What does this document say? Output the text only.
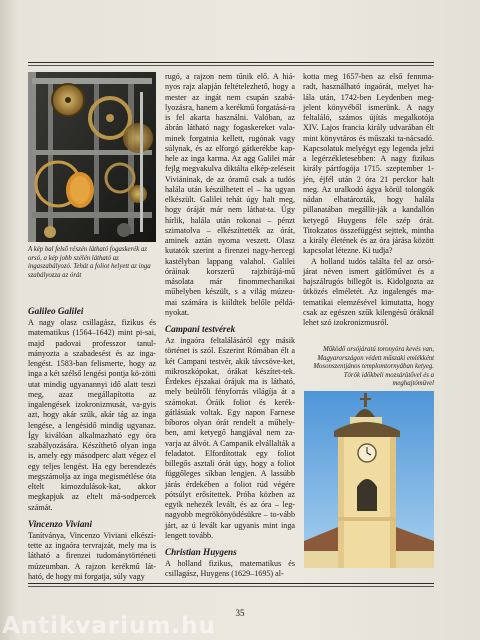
A kép bal felső részén látható fogaskerék az orsó, a kép jobb szélén látható az ingaszabályozó. Tehát a foliot helyett az inga szabályozza az órát
Galileo Galilei

A nagy olasz csillagász, fizikus és matematikus (1564–1642) mint pi-sai, majd padovai professzor tanul-mányozta a szabadesést és az inga-lengést. 1583-ban felismerte, hogy az inga a két szélső lengési pontja kö-zötti utat mindig ugyanannyi idő alatt teszi meg, azaz megállapította az ingalengések izokronizmusát, va-gyis azt, hogy akár szűk, akár tág az inga lengése, a lengésidő mindig ugyanaz. Így kiválóan alkalmazható egy óra szabályozására. Készíthető olyan inga is, amely egy másodperc alatt végez el egy teljes lengést. Ha egy berendezés megszámolja az inga megismétlése óta eltelt kimozdulások-kat, akkor megkapjuk az eltelt má-sodpercek számát.

Vincenzo Viviani

Tanítványa, Vincenzo Viviani elkészí-tette az ingaóra tervrajzát, mely ma is látható a firenzei tudománytörténeti múzeumban. A rajzon kerékmű lát-ható, de hogy mi forgatja, súly vagy

rugó, a rajzon nem tűnik elő. A hiá-nyos rajz alapján feltételezhető, hogy a mester az ingát nem csupán szabá-lyozásra, hanem a kerékmű forgatásá-ra is fel akarta használni. Valóban, az ábrán látható nagy fogaskereket vala-minek forgatnia kellett, rugónak vagy súlynak, és az elforgó gátkerékbe kap-hele az inga karma. Az agg Galilei már fejlg megvakulva diktálta elkép-zeléseit Viviáninak, de az óramű csak a tudós halála után készülhetett el – ha ugyan elkészült. Galilei tehát úgy halt meg, hogy óráját már nem láthat-ta. Úgy hírlik, halála után rokonai – pénzt szimatolva – elkészíttették az órát, aminek aztán nyoma veszett. Olasz kutatók szerint a firenzei nagy-hercegi kastélyban lappang valahol. Galilei óráinak korszerű rajzbírájá-mű másolata már finommechanikai műhelyben készült, s a világ múzeu-mai számára is kiíldtek belőle példá-nyokat.

Campani testvérek

Az ingaóra feltalálásáról egy másik történet is szól. Eszerint Rómában élt a két Campani testvér, akik távcsöve-ket, mikroszkópokat, órákat készítet-tek. Érdekes éjszakai órájuk ma is látható, mely beülrőli fényforrás világíja át a számokat. Óráik foliot és kerék-gátlásúak voltak. Egy napon Farnese bíboros olyan órát rendelt a műhely-ben, ami ketyegő hangjával nem za-varja az álvót. A Campanik elvállalták a feladatot. Elfordítottak egy foliot billegős asztali órát úgy, hogy a foliot függőleges síkban lengjen. A lassúbb járás érdekében a foliot rúd végére pótsúlyt erősítettek. Próba közben az egyik nehezék levált, és az óra – leg-nagyobb megrökönyödésükre – to-vább járt, az ú levált kar ugyanis mint inga lengett tovább.

Christian Huygens

A holland fizikus, matematikus és csillagász, Huygens (1629–1695) al-

kotta meg 1657-ben az első fennma-radt, használható ingaórát, melyet ha-lála után, 1742-ben Leydenben meg-jelent könyvéből ismerünk. A nagy feltaláló, számos újítás megalkotója XIV. Lajos francia király udvarában élt mint könyvtáros és műszaki ta-nácsadó. Kapcsolatuk melyégyt egy legenda jelzi a legérzékletesebben: A nagy fizikus király pártfogója 1715. szeptember 1-jén, éjfél után 2 óra 21 perckor halt meg. Az uralkodó ágya körül tolongók nádan elhatározták, hogy halála pillanatában megállít-ják a kandallón ketyegő Huygens féle szép órát. Titokzatos összefüggést sejttek, mintha a király életének és az óra járása között kapcsolat létezne. Ki tudja?

A holland tudós találta fel az orsó-járat néven ismert gátlőművet és a hajszálrugós billegőt is. Kidolgozta az ütközés elméletét. Az ingalengés ma-tematikai elemzésével kimutatta, hogy csak az egészen szűk kilengésű óráknál lehet szó izokronizmusról.

Működő orsójáratú toronyóra kevés van, Magyarországon védett műszaki emlékként Mosonszentjános templomtornyában ketyeg. Török időkbeli mozsárütővel és a meghajtómüvel
35
Antikvarium.hu
